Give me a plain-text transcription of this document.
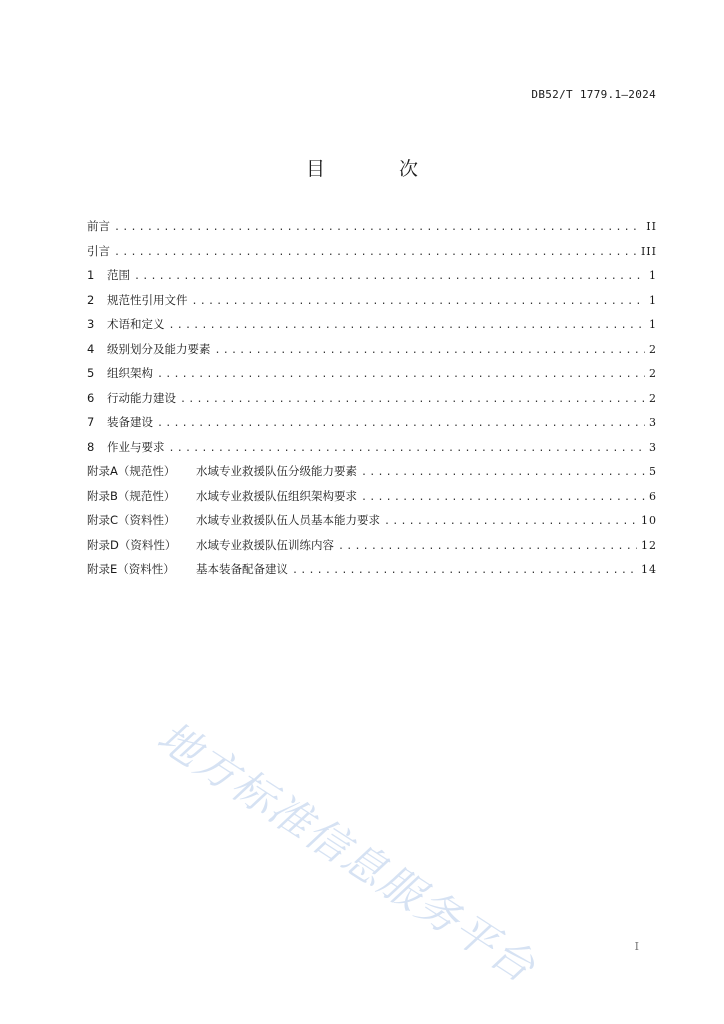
DB52/T 1779.1—2024
目 次
前言 .....	II
引言 .....	III
1	范围 .....	1
2	规范性引用文件 .....	1
3	术语和定义 .....	1
4	级别划分及能力要素 .....	2
5	组织架构 .....	2
6	行动能力建设 .....	2
7	装备建设 .....	3
8	作业与要求 .....	3
附录A（规范性）	水域专业救援队伍分级能力要素 .....	5
附录B（规范性）	水域专业救援队伍组织架构要求 .....	6
附录C（资料性）	水域专业救援队伍人员基本能力要求 .....	10
附录D（资料性）	水域专业救援队伍训练内容 .....	12
附录E（资料性）	基本装备配备建议 .....	14
地方标准信息服务平台	I
